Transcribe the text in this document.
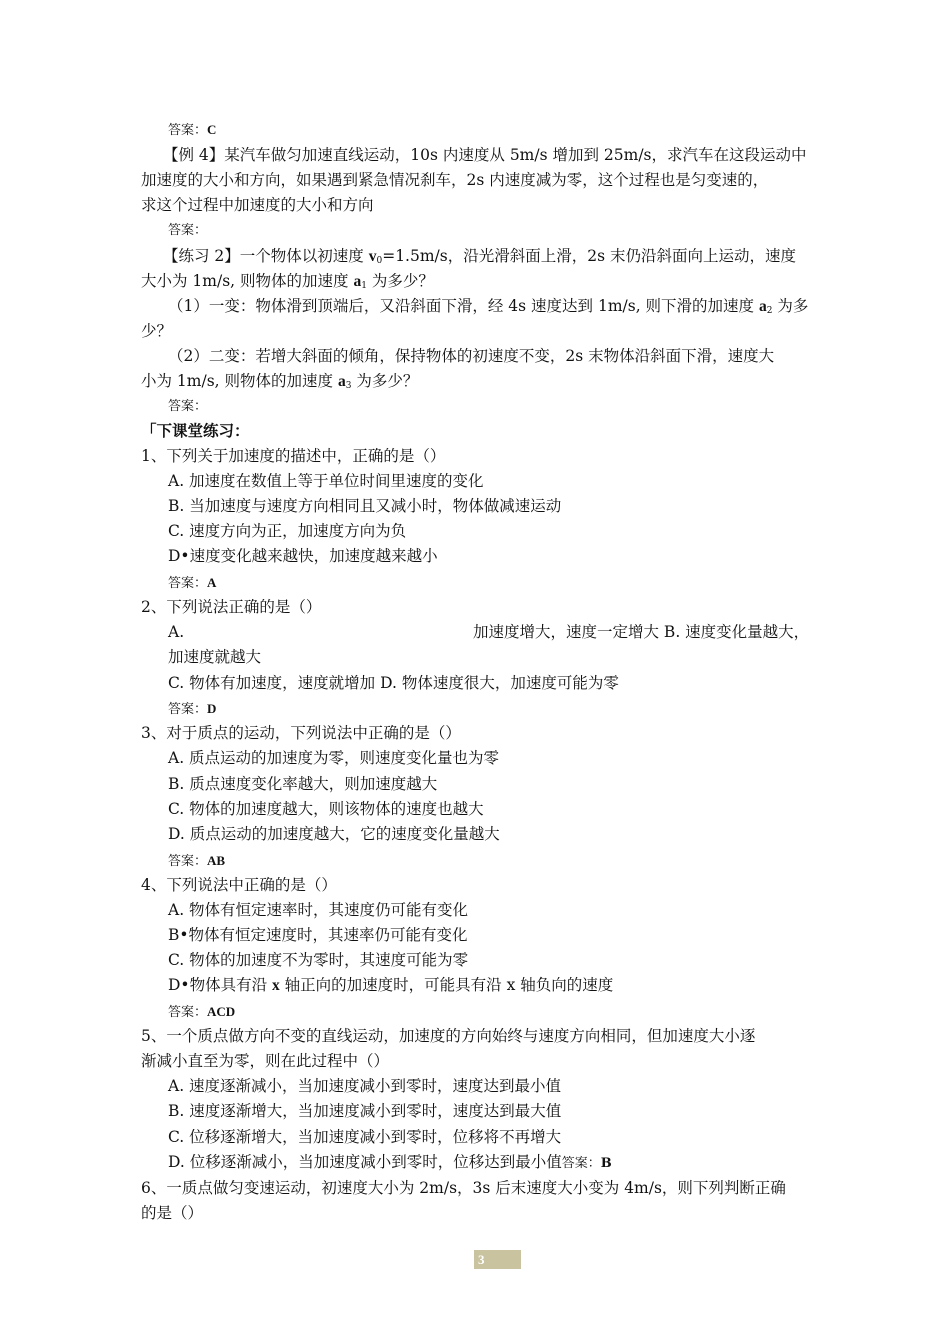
答案：C
【例 4】某汽车做匀加速直线运动，10s 内速度从 5m/s 增加到 25m/s，求汽车在这段运动中
加速度的大小和方向，如果遇到紧急情况刹车，2s 内速度减为零，这个过程也是匀变速的，
求这个过程中加速度的大小和方向
答案：
【练习 2】一个物体以初速度 $v_0=1.5m/s$，沿光滑斜面上滑，2s 末仍沿斜面向上运动，速度
大小为 1m/s, 则物体的加速度 $a_1$ 为多少？
（1）一变：物体滑到顶端后，又沿斜面下滑，经 4s 速度达到 1m/s, 则下滑的加速度 $a_2$ 为多
少？
（2）二变：若增大斜面的倾角，保持物体的初速度不变，2s 末物体沿斜面下滑，速度大
小为 1m/s, 则物体的加速度 $a_3$ 为多少？
答案：
「下课堂练习：
1、下列关于加速度的描述中，正确的是（）
A. 加速度在数值上等于单位时间里速度的变化
B. 当加速度与速度方向相同且又减小时，物体做减速运动
C. 速度方向为正，加速度方向为负
D•速度变化越来越快，加速度越来越小
答案：A
2、下列说法正确的是（）
A.	加速度增大，速度一定增大 B. 速度变化量越大，
加速度就越大
C. 物体有加速度，速度就增加 D. 物体速度很大，加速度可能为零
答案：D
3、对于质点的运动，下列说法中正确的是（）
A. 质点运动的加速度为零，则速度变化量也为零
B. 质点速度变化率越大，则加速度越大
C. 物体的加速度越大，则该物体的速度也越大
D. 质点运动的加速度越大，它的速度变化量越大
答案：AB
4、下列说法中正确的是（）
A. 物体有恒定速率时，其速度仍可能有变化
B•物体有恒定速度时，其速率仍可能有变化
C. 物体的加速度不为零时，其速度可能为零
D•物体具有沿 x 轴正向的加速度时，可能具有沿 x 轴负向的速度
答案：ACD
5、一个质点做方向不变的直线运动，加速度的方向始终与速度方向相同，但加速度大小逐
渐减小直至为零，则在此过程中（）
A. 速度逐渐减小，当加速度减小到零时，速度达到最小值
B. 速度逐渐增大，当加速度减小到零时，速度达到最大值
C. 位移逐渐增大，当加速度减小到零时，位移将不再增大
D. 位移逐渐减小，当加速度减小到零时，位移达到最小值答案：B
6、一质点做匀变速运动，初速度大小为 2m/s，3s 后末速度大小变为 4m/s，则下列判断正确
的是（）
3
